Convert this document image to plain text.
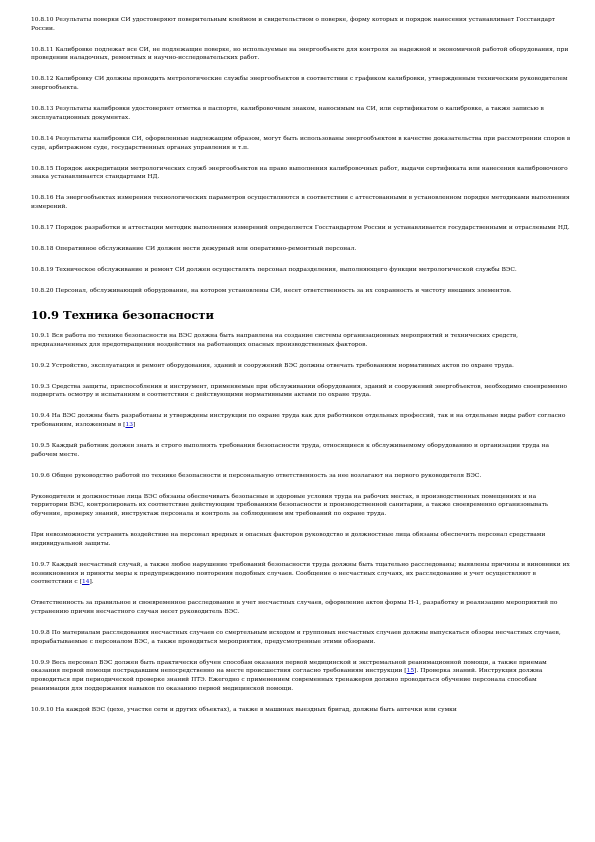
10.8.10 Результаты поверки СИ удостоверяют поверительным клеймом и свидетельством о поверке, форму которых и порядок нанесения устанавливает Госстандарт России.

10.8.11 Калибровке подлежат все СИ, не подлежащие поверке, но используемые на энергообъекте для контроля за надежной и экономичной работой оборудования, при проведении наладочных, ремонтных и научно-исследовательских работ.

10.8.12 Калибровку СИ должны проводить метрологические службы энергообъектов в соответствии с графиком калибровки, утвержденным техническим руководителем энергообъекта.

10.8.13 Результаты калибровки удостоверяет отметка в паспорте, калибровочным знаком, наносимым на СИ, или сертификатом о калибровке, а также записью в эксплуатационных документах.

10.8.14 Результаты калибровки СИ, оформленные надлежащим образом, могут быть использованы энергообъектом в качестве доказательства при рассмотрении споров в суде, арбитражном суде, государственных органах управления и т.п.

10.8.15 Порядок аккредитации метрологических служб энергообъектов на право выполнения калибровочных работ, выдачи сертификата или нанесения калибровочного знака устанавливается стандартами НД.

10.8.16 На энергообъектах измерения технологических параметров осуществляются в соответствии с аттестованными в установленном порядке методиками выполнения измерений.

10.8.17 Порядок разработки и аттестации методик выполнения измерений определяется Госстандартом России и устанавливается государственными и отраслевыми НД.

10.8.18 Оперативное обслуживание СИ должен вести дежурный или оперативно-ремонтный персонал.

10.8.19 Техническое обслуживание и ремонт СИ должен осуществлять персонал подразделения, выполняющего функции метрологической службы ВЭС.

10.8.20 Персонал, обслуживающий оборудование, на котором установлены СИ, несет ответственность за их сохранность и чистоту внешних элементов.

10.9 Техника безопасности

10.9.1 Вся работа по технике безопасности на ВЭС должна быть направлена на создание системы организационных мероприятий и технических средств, предназначенных для предотвращения воздействия на работающих опасных производственных факторов.

10.9.2 Устройство, эксплуатация и ремонт оборудования, зданий и сооружений ВЭС должны отвечать требованиям нормативных актов по охране труда.

10.9.3 Средства защиты, приспособления и инструмент, применяемые при обслуживании оборудования, зданий и сооружений энергобъектов, необходимо своевременно подвергать осмотру и испытаниям в соответствии с действующими нормативными актами по охране труда.

10.9.4 На ВЭС должны быть разработаны и утверждены инструкции по охране труда как для работников отдельных профессий, так и на отдельные виды работ согласно требованиям, изложенным в [13]

10.9.5 Каждый работник должен знать и строго выполнять требования безопасности труда, относящиеся к обслуживаемому оборудованию и организации труда на рабочем месте.

10.9.6 Общее руководство работой по технике безопасности и персональную ответственность за нее возлагают на первого руководителя ВЭС.

Руководители и должностные лица ВЭС обязаны обеспечивать безопасные и здоровые условия труда на рабочих местах, в производственных помещениях и на территории ВЭС, контролировать их соответствие действующим требованиям безопасности и производственной санитарии, а также своевременно организовывать обучение, проверку знаний, инструктаж персонала и контроль за соблюдением им требований по охране труда.

При невозможности устранить воздействие на персонал вредных и опасных факторов руководство и должностные лица обязаны обеспечить персонал средствами индивидуальной защиты.

10.9.7 Каждый несчастный случай, а также любое нарушение требований безопасности труда должны быть тщательно расследованы; выявлены причины и виновники их возникновения и приняты меры к предупреждению повторения подобных случаев. Сообщение о несчастных случаях, их расследование и учет осуществляют в соответствии с [14].

Ответственность за правильное и своевременное расследование и учет несчастных случаев, оформление актов формы Н-1, разработку и реализацию мероприятий по устранению причин несчастного случая несет руководитель ВЭС.

10.9.8 По материалам расследования несчастных случаев со смертельным исходом и групповых несчастных случаев должны выпускаться обзоры несчастных случаев, прорабатываемые с персоналом ВЭС, а также проводиться мероприятия, предусмотренные этими обзорами.

10.9.9 Весь персонал ВЭС должен быть практически обучен способам оказания первой медицинской и экстремальной реанимационной помощи, а также приемам оказания первой помощи пострадавшим непосредственно на месте происшествия согласно требованиям инструкции [15]. Проверка знаний. Инструкция должна проводиться при периодической проверке знаний ПТЭ. Ежегодно с применением современных тренажеров должно проводиться обучение персонала способам реанимации для поддержания навыков по оказанию первой медицинской помощи.

10.9.10 На каждой ВЭС (цехе, участке сети и других объектах), а также в машинах выездных бригад, должны быть аптечки или сумки
